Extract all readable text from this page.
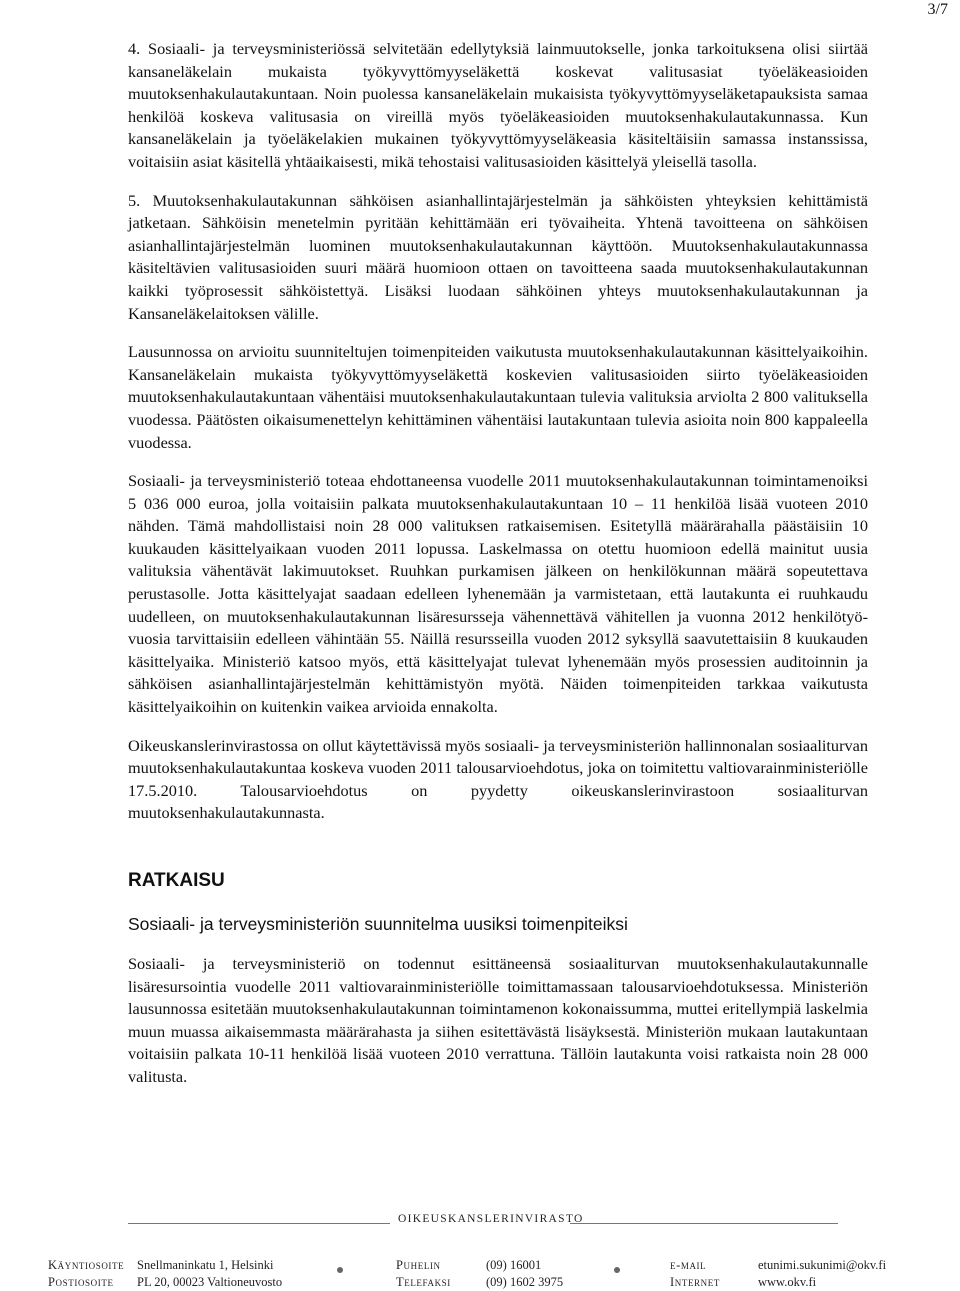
3/7

4. Sosiaali- ja terveysministeriössä selvitetään edellytyksiä lainmuutokselle, jonka tarkoituksena olisi siirtää kansaneläkelain mukaista työkyvyttömyyseläkettä koskevat valitusasiat työeläkeasioiden muutoksenhakulautakuntaan. Noin puolessa kansaneläkelain mukaisista työkyvyttömyyseläketapauksista samaa henkilöä koskeva valitusasia on vireillä myös työeläkeasioiden muutoksenhakulautakunnassa. Kun kansaneläkelain ja työeläkelakien mukainen työkyvyttömyyseläkeasia käsiteltäisiin samassa instanssissa, voitaisiin asiat käsitellä yhtäaikaisesti, mikä tehostaisi valitusasioiden käsittelyä yleisellä tasolla.

5. Muutoksenhakulautakunnan sähköisen asianhallintajärjestelmän ja sähköisten yhteyksien kehittämistä jatketaan. Sähköisin menetelmin pyritään kehittämään eri työvaiheita. Yhtenä tavoitteena on sähköisen asianhallintajärjestelmän luominen muutoksenhakulautakunnan käyttöön. Muutoksenhakulautakunnassa käsiteltävien valitusasioiden suuri määrä huomioon ottaen on tavoitteena saada muutoksenhakulautakunnan kaikki työprosessit sähköistettyä. Lisäksi luodaan sähköinen yhteys muutoksenhakulautakunnan ja Kansaneläkelaitoksen välille.

Lausunnossa on arvioitu suunniteltujen toimenpiteiden vaikutusta muutoksenhakulautakunnan käsittelyaikoihin. Kansaneläkelain mukaista työkyvyttömyyseläkettä koskevien valitusasioiden siirto työeläkeasioiden muutoksenhakulautakuntaan vähentäisi muutoksenhakulautakuntaan tulevia valituksia arviolta 2 800 valituksella vuodessa. Päätösten oikaisumenettelyn kehittäminen vähentäisi lautakuntaan tulevia asioita noin 800 kappaleella vuodessa.

Sosiaali- ja terveysministeriö toteaa ehdottaneensa vuodelle 2011 muutoksenhakulautakunnan toimintamenoiksi 5 036 000 euroa, jolla voitaisiin palkata muutoksenhakulautakuntaan 10 – 11 henkilöä lisää vuoteen 2010 nähden. Tämä mahdollistaisi noin 28 000 valituksen ratkaisemisen. Esitetyllä määrärahalla päästäisiin 10 kuukauden käsittelyaikaan vuoden 2011 lopussa. Laskelmassa on otettu huomioon edellä mainitut uusia valituksia vähentävät lakimuutokset. Ruuhkan purkamisen jälkeen on henkilökunnan määrä sopeutettava perustasolle. Jotta käsittelyajat saadaan edelleen lyhenemään ja varmistetaan, että lautakunta ei ruuhkaudu uudelleen, on muutoksenhakulautakunnan lisäresursseja vähennettävä vähitellen ja vuonna 2012 henkilötyövuosia tarvittaisiin edelleen vähintään 55. Näillä resursseilla vuoden 2012 syksyllä saavutettaisiin 8 kuukauden käsittelyaika. Ministeriö katsoo myös, että käsittelyajat tulevat lyhenemään myös prosessien auditoinnin ja sähköisen asianhallintajärjestelmän kehittämistyön myötä. Näiden toimenpiteiden tarkkaa vaikutusta käsittelyaikoihin on kuitenkin vaikea arvioida ennakolta.

Oikeuskanslerinvirastossa on ollut käytettävissä myös sosiaali- ja terveysministeriön hallinnonalan sosiaaliturvan muutoksenhakulautakuntaa koskeva vuoden 2011 talousarvioehdotus, joka on toimitettu valtiovarainministeriölle 17.5.2010. Talousarvioehdotus on pyydetty oikeuskanslerinvirastoon sosiaaliturvan muutoksenhakulautakunnasta.

RATKAISU
Sosiaali- ja terveysministeriön suunnitelma uusiksi toimenpiteiksi

Sosiaali- ja terveysministeriö on todennut esittäneensä sosiaaliturvan muutoksenhakulautakunnalle lisäresursointia vuodelle 2011 valtiovarainministeriölle toimittamassaan talousarvioehdotuksessa. Ministeriön lausunnossa esitetään muutoksenhakulautakunnan toimintamenon kokonaissumma, muttei eritellympiä laskelmia muun muassa aikaisemmasta määrärahasta ja siihen esitettävästä lisäyksestä. Ministeriön mukaan lautakuntaan voitaisiin palkata 10-11 henkilöä lisää vuoteen 2010 verrattuna. Tällöin lautakunta voisi ratkaista noin 28 000 valitusta.

OIKEUSKANSLERINVIRASTO
Käyntiosoite Snellmaninkatu 1, Helsinki	Puhelin	(09) 16001	e-mail	etunimi.sukunimi@okv.fi
Postiosoite PL 20, 00023 Valtioneuvosto	Telefaksi	(09) 1602 3975	Internet	www.okv.fi
